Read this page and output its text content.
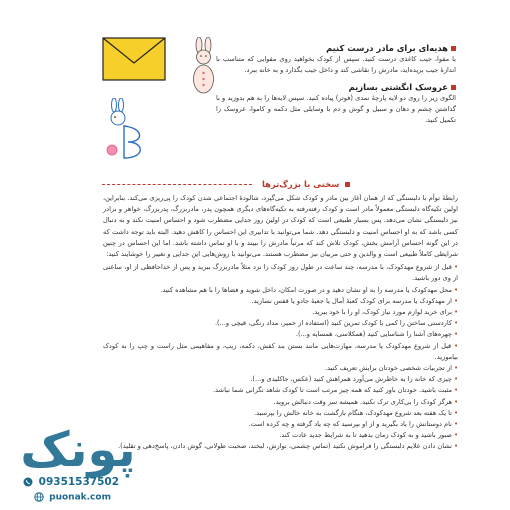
هدیه‌ای برای مادر درست کنیم

با مقوا، جیب کاغذی درست کنید. سپس از کودک بخواهید روی مقوایی که متناسب با اندازهٔ جیب بریده‌اید، مادرش را نقاشی کند و داخل جیب بگذارد و به خانه ببرد.

عروسک انگشتی بسازیم

الگوی زیر را روی دو لایه پارچهٔ نمدی (فوتر) پیاده کنید. سپس لایه‌ها را به هم بدوزید و با گذاشتن چشم و دهان و سبیل و گوش و دم با وسایلی مثل دکمه و کاموا، عروسک را تکمیل کنید.

سخنی با بزرگ‌ترها

رابطهٔ توأم با دلبستگی که از همان آغاز بین مادر و کودک شکل می‌گیرد، شالودهٔ اجتماعی شدن کودک را پی‌ریزی می‌کند. بنابراین، اولین تکیه‌گاه دلبستگی معمولاً مادر است و کودک رفته‌رفته به تکیه‌گاه‌های دیگری همچون پدر، مادربزرگ، پدربزرگ، خواهر و برادر نیز دلبستگی نشان می‌دهد. پس بسیار طبیعی است که کودک در اولین روز جدایی مضطرب شود و احساس امنیت نکند و به دنبال کسی باشد که به او احساس امنیت و دلبستگی دهد. شما می‌توانید با تدابیری این احساس را کاهش دهید. البته باید توجه داشت که در این گونه احساس آرامش بخش، کودک تلاش کند که مرتباً مادرش را ببیند و با او تماس داشته باشد. اما این احساس در چنین شرایطی کاملاً طبیعی است و والدین و حتی مربیان نیز مضطرب هستند. می‌توانید با روش‌هایی این جدایی و تغییر را خوشایند کنید:

• قبل از شروع مهدکودک، با مدرسه، چند ساعت در طول روز کودک را نزد مثلاً مادربزرگ ببرید و پس از خداحافظی از او، ساعتی از وی دور باشید.
• محل مهدکودک یا مدرسه را به او نشان دهید و در صورت امکان، داخل شوید و فضاها را با هم مشاهده کنید.
• از مهدکودک یا مدرسه برای کودک کعبهٔ آمال یا جعبهٔ جادو یا قفس نسازید.
• برای خرید لوازم مورد نیاز کودک، او را با خود ببرید.
• کاردستی ساختن را کمی با کودک تمرین کنید (استفاده از خمیر، مداد رنگی، قیچی و...).
• چهره‌های آشنا را شناسایی کنید (همکلاسی، همسایه و...).
• قبل از شروع مهدکودک یا مدرسه، مهارت‌هایی مانند بستن بند کفش، دکمه، زیپ، و مفاهیمی مثل راست و چپ را به کودک بیاموزید.
• از تجربیات شخصی خودتان برایش تعریف کنید.
• چیزی که خانه را به خاطرش می‌آورد همراهش کنید (عکس، جاکلیدی و...).
• مثبت باشید. خودتان باور کنید که همه چیز مرتب است تا کودک شاهد نگرانی شما نباشد.
• هرگز کودک را بی‌کاری ترک نکنید. همیشه سر وقت دنبالش بروید.
• تا یک هفته بعد شروع مهدکودک، هنگام بازگشت به خانه حالش را بپرسید.
• نام دوستانش را یاد بگیرید و از او بپرسید که چه یاد گرفته و چه کرده است.
• صبور باشید و به کودک زمان بدهید تا به شرایط جدید عادت کند.
• نشان دادن علایم دلبستگی را فراموش نکنید (تماس چشمی، نوازش، لبخند، صحبت طولانی، گوش دادن، پاسخ‌دهی و تقلید).
پونک
09351537502
puonak.com
